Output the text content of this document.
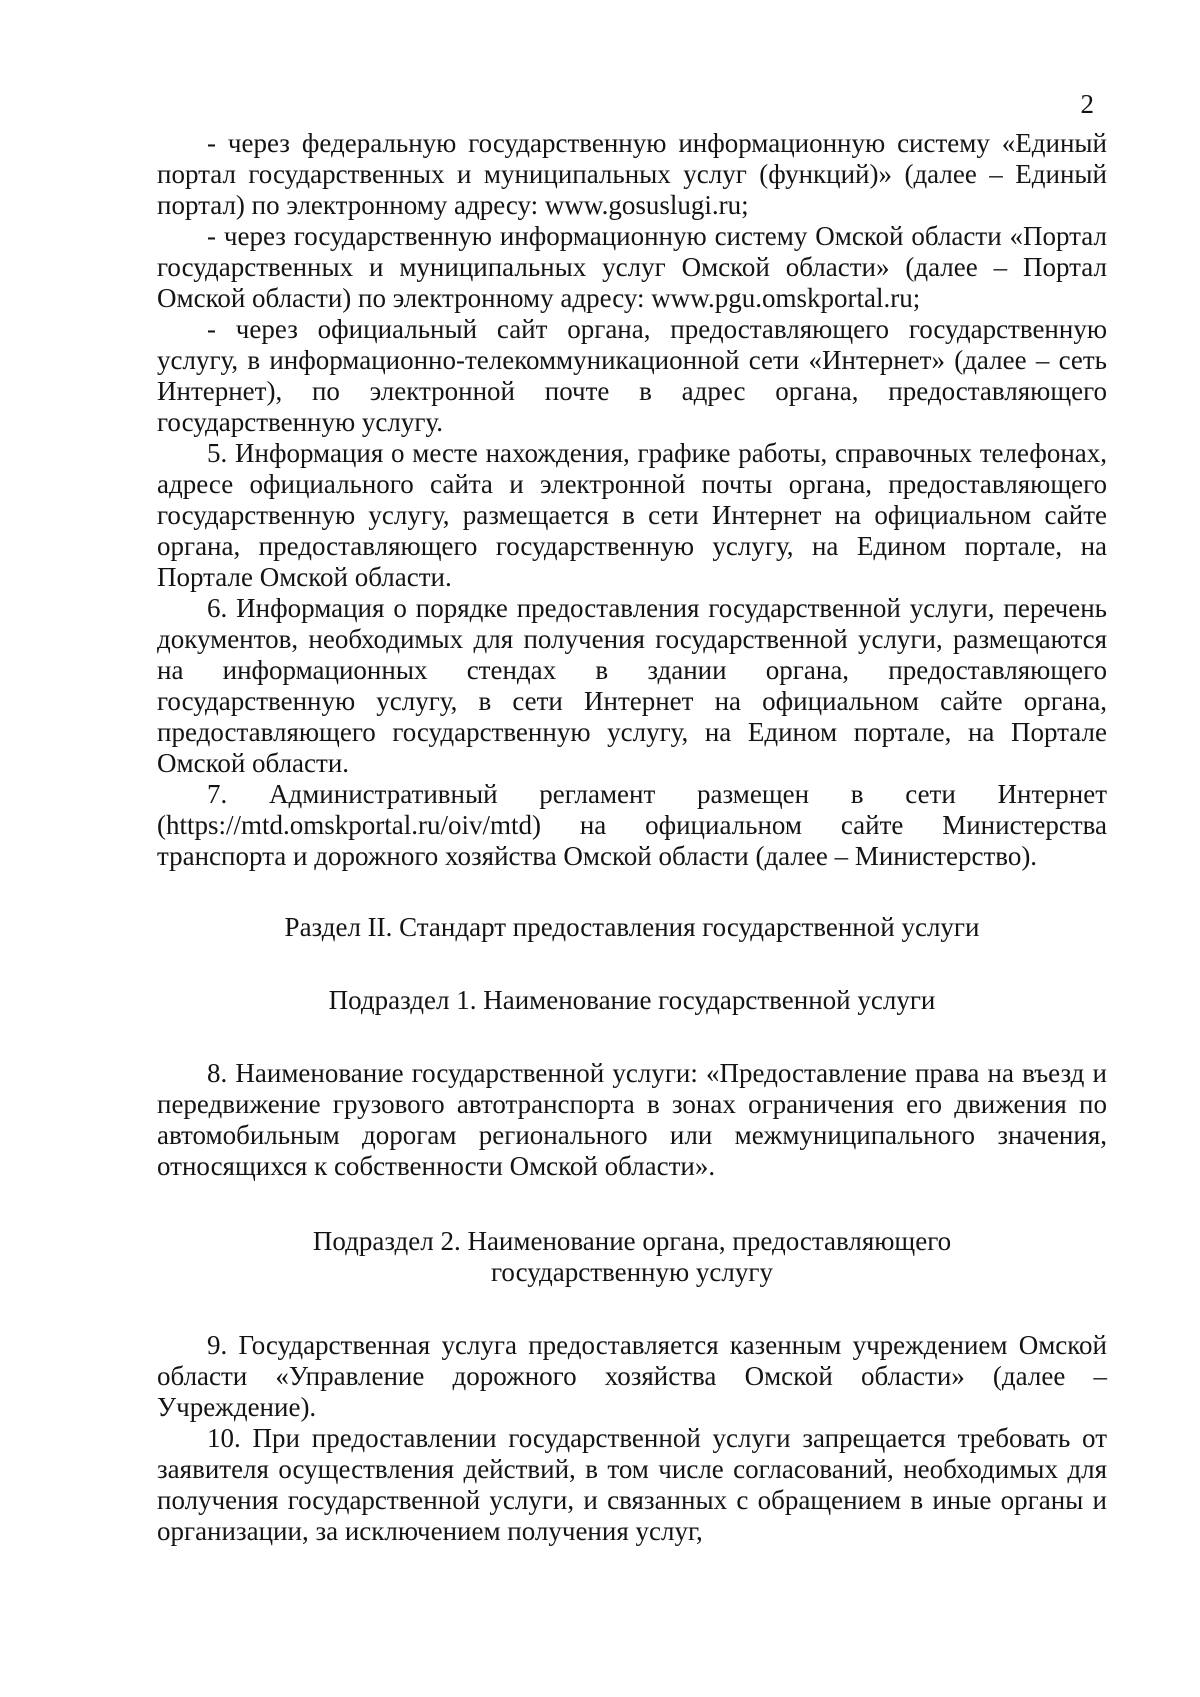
2

- через федеральную государственную информационную систему «Единый портал государственных и муниципальных услуг (функций)» (далее – Единый портал) по электронному адресу: www.gosuslugi.ru;

- через государственную информационную систему Омской области «Портал государственных и муниципальных услуг Омской области» (далее – Портал Омской области) по электронному адресу: www.pgu.omskportal.ru;

- через официальный сайт органа, предоставляющего государственную услугу, в информационно-телекоммуникационной сети «Интернет» (далее – сеть Интернет), по электронной почте в адрес органа, предоставляющего государственную услугу.

5. Информация о месте нахождения, графике работы, справочных телефонах, адресе официального сайта и электронной почты органа, предоставляющего государственную услугу, размещается в сети Интернет на официальном сайте органа, предоставляющего государственную услугу, на Едином портале, на Портале Омской области.

6. Информация о порядке предоставления государственной услуги, перечень документов, необходимых для получения государственной услуги, размещаются на информационных стендах в здании органа, предоставляющего государственную услугу, в сети Интернет на официальном сайте органа, предоставляющего государственную услугу, на Едином портале, на Портале Омской области.

7. Административный регламент размещен в сети Интернет (https://mtd.omskportal.ru/oiv/mtd) на официальном сайте Министерства транспорта и дорожного хозяйства Омской области (далее – Министерство).

Раздел II. Стандарт предоставления государственной услуги
Подраздел 1. Наименование государственной услуги

8. Наименование государственной услуги: «Предоставление права на въезд и передвижение грузового автотранспорта в зонах ограничения его движения по автомобильным дорогам регионального или межмуниципального значения, относящихся к собственности Омской области».

Подраздел 2. Наименование органа, предоставляющего
государственную услугу

9. Государственная услуга предоставляется казенным учреждением Омской области «Управление дорожного хозяйства Омской области» (далее – Учреждение).

10. При предоставлении государственной услуги запрещается требовать от заявителя осуществления действий, в том числе согласований, необходимых для получения государственной услуги, и связанных с обращением в иные органы и организации, за исключением получения услуг,
